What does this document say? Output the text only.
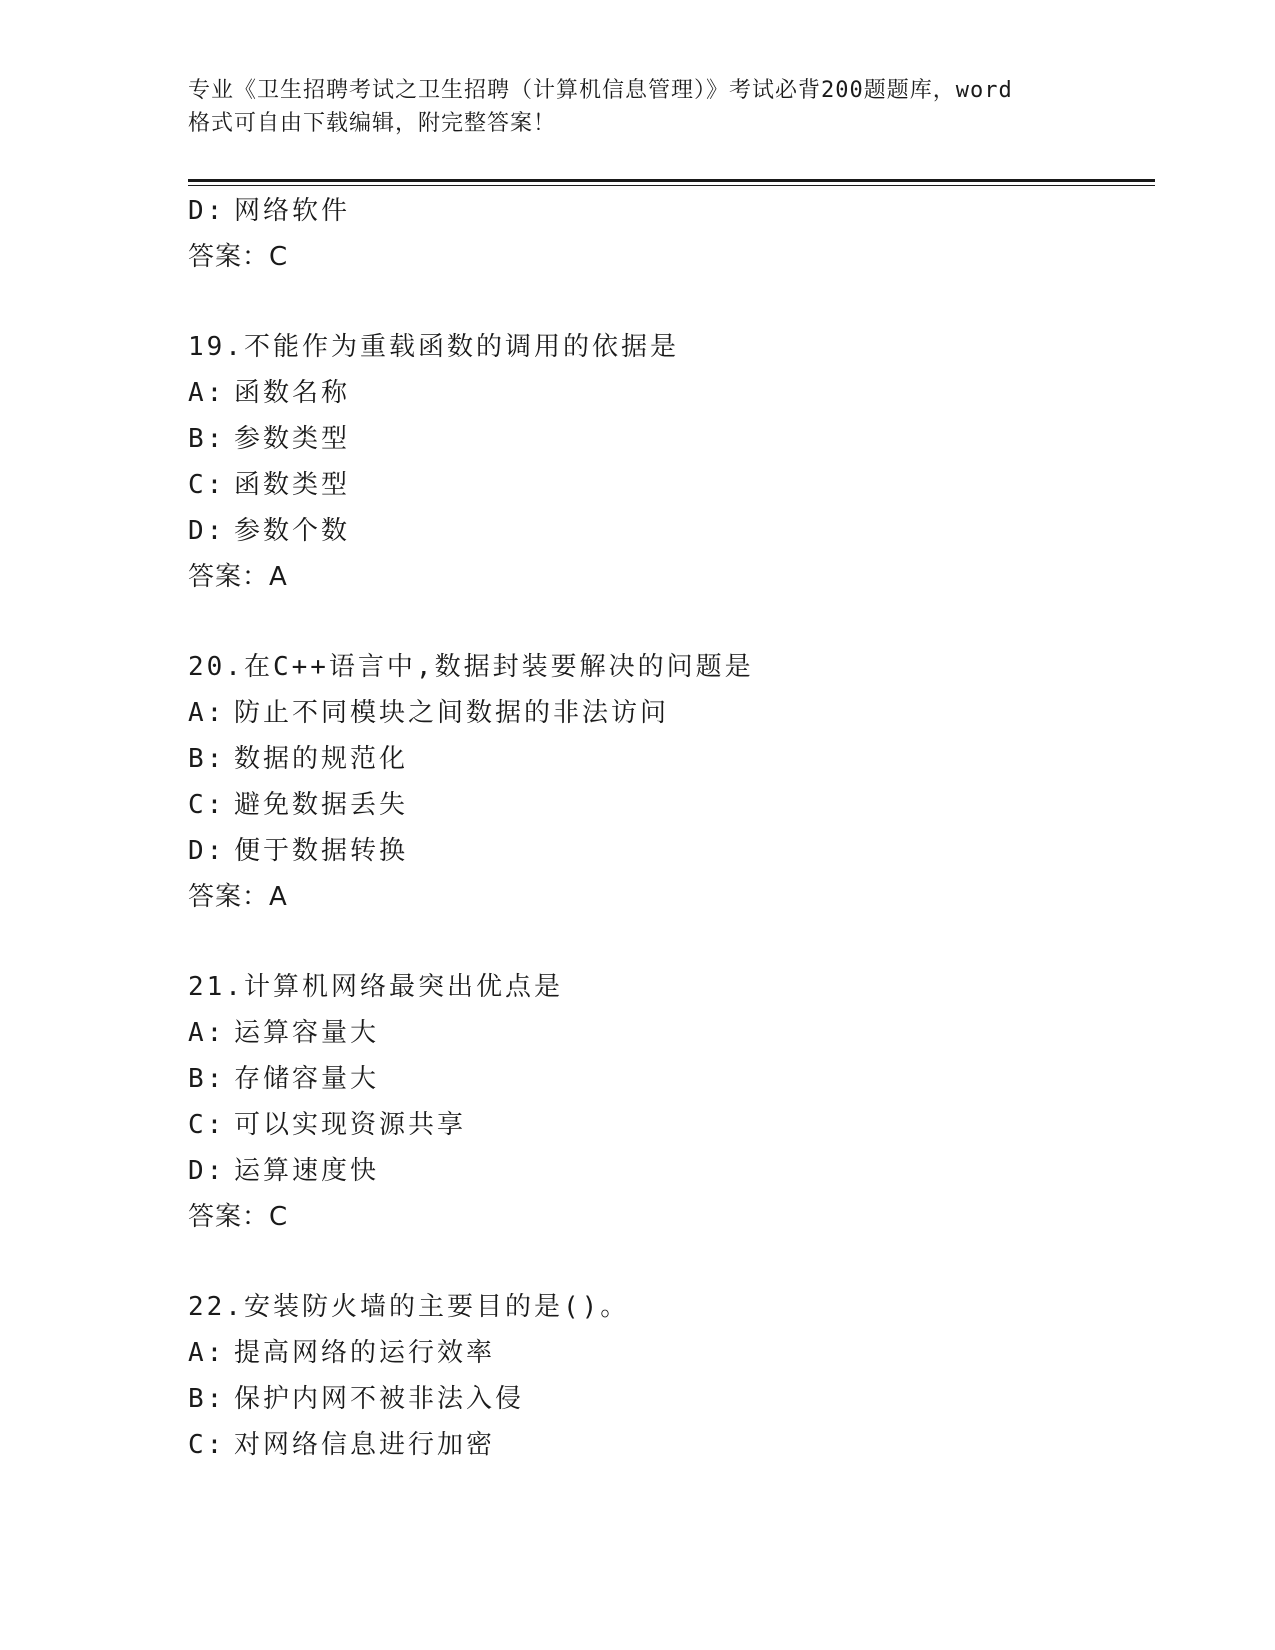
专业《卫生招聘考试之卫生招聘（计算机信息管理）》考试必背200题题库，word
格式可自由下载编辑，附完整答案！
D: 网络软件
答案：C
19.不能作为重载函数的调用的依据是
A: 函数名称
B: 参数类型
C: 函数类型
D: 参数个数
答案：A
20.在C++语言中,数据封装要解决的问题是
A: 防止不同模块之间数据的非法访问
B: 数据的规范化
C: 避免数据丢失
D: 便于数据转换
答案：A
21.计算机网络最突出优点是
A: 运算容量大
B: 存储容量大
C: 可以实现资源共享
D: 运算速度快
答案：C
22.安装防火墙的主要目的是()。
A: 提高网络的运行效率
B: 保护内网不被非法入侵
C: 对网络信息进行加密
